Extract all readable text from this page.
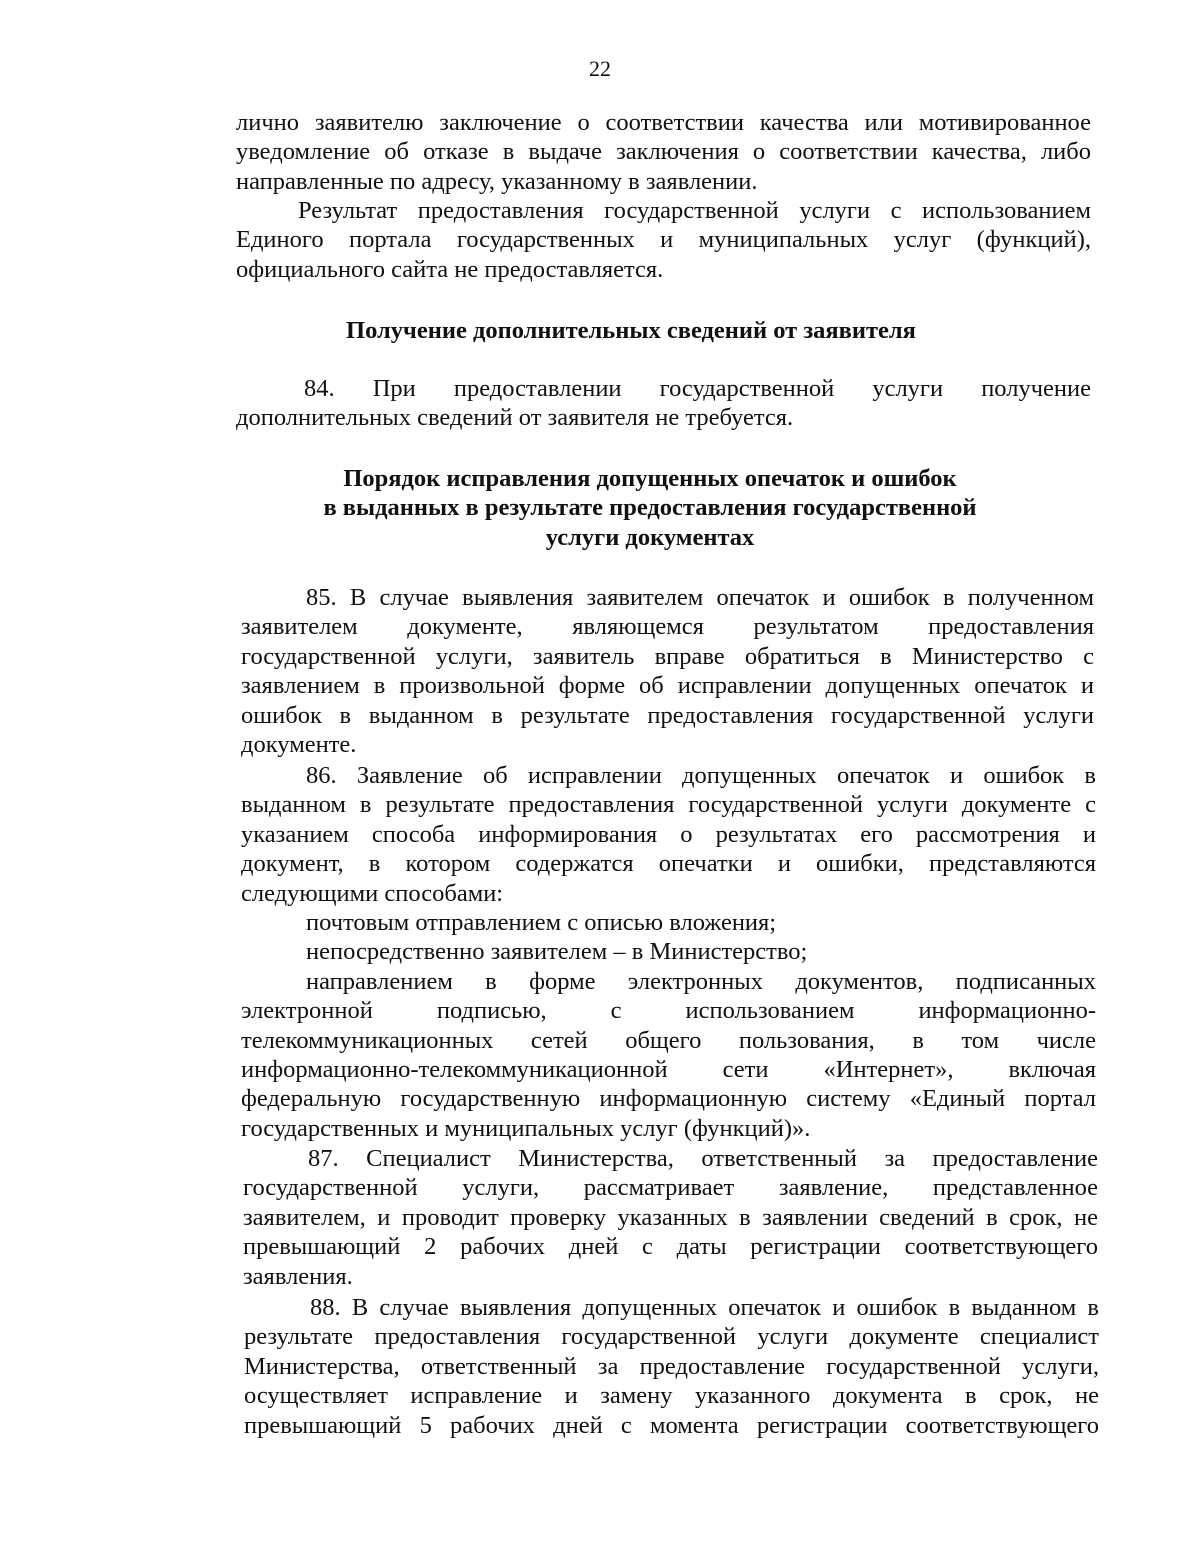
22
лично заявителю заключение о соответствии качества или мотивированное
уведомление об отказе в выдаче заключения о соответствии качества, либо
направленные по адресу, указанному в заявлении.
Результат предоставления государственной услуги с использованием
Единого портала государственных и муниципальных услуг (функций),
официального сайта не предоставляется.
Получение дополнительных сведений от заявителя
84. При предоставлении государственной услуги получение
дополнительных сведений от заявителя не требуется.
Порядок исправления допущенных опечаток и ошибок
в выданных в результате предоставления государственной
услуги документах
85. В случае выявления заявителем опечаток и ошибок в полученном
заявителем документе, являющемся результатом предоставления
государственной услуги, заявитель вправе обратиться в Министерство с
заявлением в произвольной форме об исправлении допущенных опечаток и
ошибок в выданном в результате предоставления государственной услуги
документе.
86. Заявление об исправлении допущенных опечаток и ошибок в
выданном в результате предоставления государственной услуги документе с
указанием способа информирования о результатах его рассмотрения и
документ, в котором содержатся опечатки и ошибки, представляются
следующими способами:
почтовым отправлением с описью вложения;
непосредственно заявителем – в Министерство;
направлением в форме электронных документов, подписанных
электронной подписью, с использованием информационно-
телекоммуникационных сетей общего пользования, в том числе
информационно-телекоммуникационной сети «Интернет», включая
федеральную государственную информационную систему «Единый портал
государственных и муниципальных услуг (функций)».
87. Специалист Министерства, ответственный за предоставление
государственной услуги, рассматривает заявление, представленное
заявителем, и проводит проверку указанных в заявлении сведений в срок, не
превышающий 2 рабочих дней с даты регистрации соответствующего
заявления.
88. В случае выявления допущенных опечаток и ошибок в выданном в
результате предоставления государственной услуги документе специалист
Министерства, ответственный за предоставление государственной услуги,
осуществляет исправление и замену указанного документа в срок, не
превышающий 5 рабочих дней с момента регистрации соответствующего
